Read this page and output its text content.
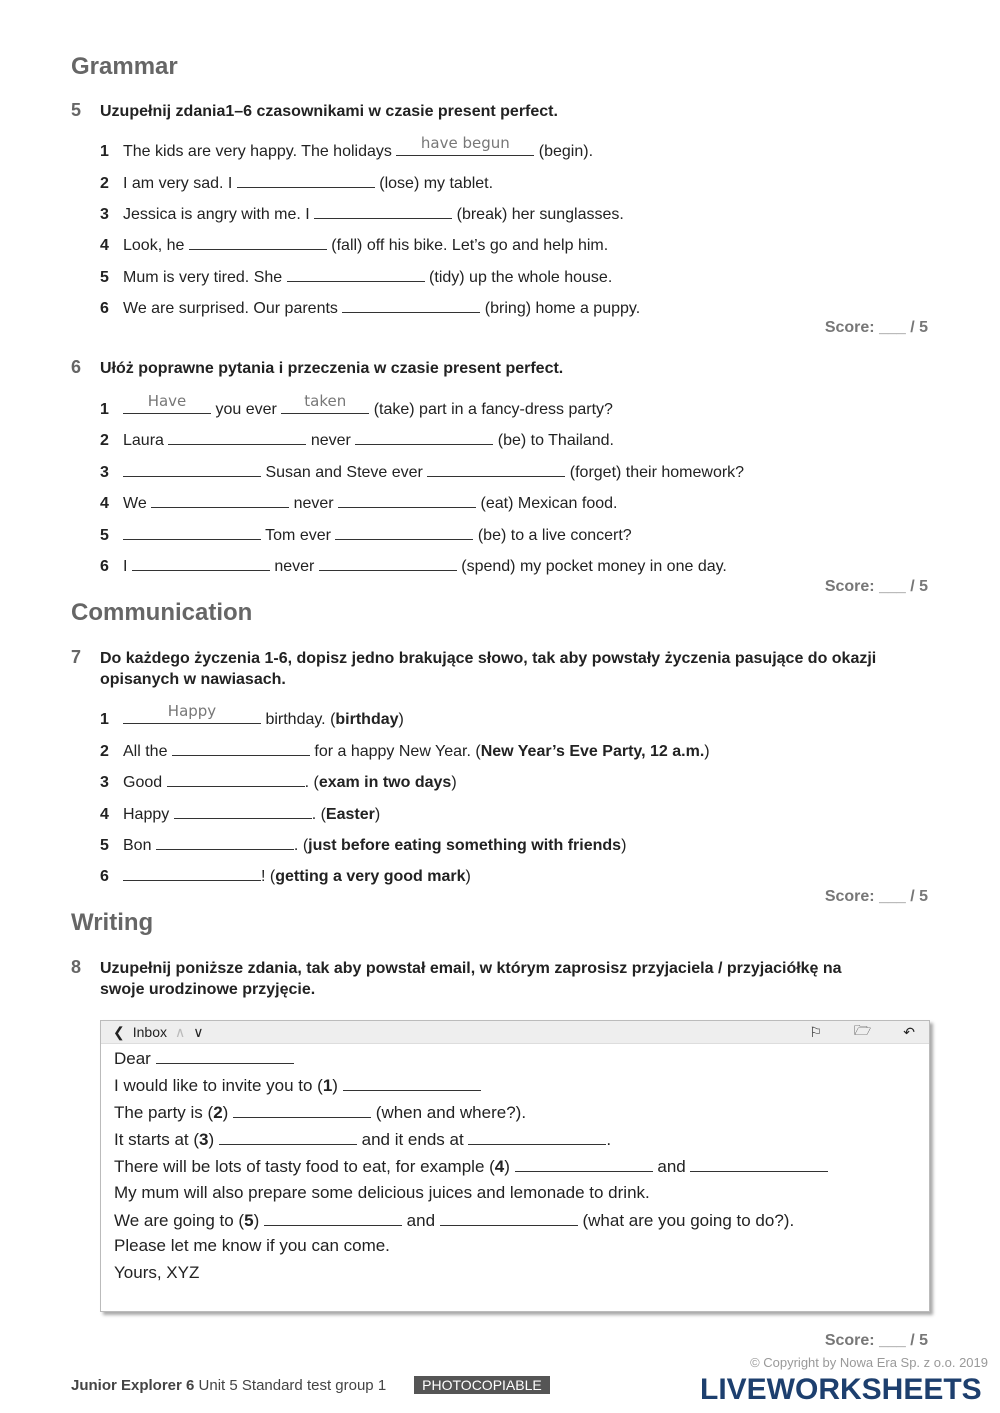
Grammar
5 Uzupełnij zdania1–6 czasownikami w czasie present perfect.
1 The kids are very happy. The holidays	have begun	(begin).
2 I am very sad. I	(lose) my tablet.
3 Jessica is angry with me. I	(break) her sunglasses.
4 Look, he	(fall) off his bike. Let’s go and help him.
5 Mum is very tired. She	(tidy) up the whole house.
6 We are surprised. Our parents	(bring) home a puppy.
Score: ___ / 5
6 Ułóż poprawne pytania i przeczenia w czasie present perfect.
1	Have	you ever	taken	(take) part in a fancy-dress party?
2 Laura	never	(be) to Thailand.
3	Susan and Steve ever	(forget) their homework?
4 We	never	(eat) Mexican food.
5	Tom ever	(be) to a live concert?
6 I	never	(spend) my pocket money in one day.
Score: ___ / 5
Communication
7 Do każdego życzenia 1-6, dopisz jedno brakujące słowo, tak aby powstały życzenia pasujące do okazji opisanych w nawiasach.
1	Happy	birthday. (birthday)
2 All the	for a happy New Year. (New Year’s Eve Party, 12 a.m.)
3 Good	. (exam in two days)
4 Happy	. (Easter)
5 Bon	. (just before eating something with friends)
6	! (getting a very good mark)
Score: ___ / 5
Writing
8 Uzupełnij poniższe zdania, tak aby powstał email, w którym zaprosisz przyjaciela / przyjaciółkę na swoje urodzinowe przyjęcie.
❮ Inbox ∧ ∨	⚐ 🗁 ↶
Dear
I would like to invite you to (1)
The party is (2)	(when and where?).
It starts at (3)	and it ends at	.
There will be lots of tasty food to eat, for example (4)	and
My mum will also prepare some delicious juices and lemonade to drink.
We are going to (5)	and	(what are you going to do?).
Please let me know if you can come.
Yours, XYZ
Score: ___ / 5
Junior Explorer 6 Unit 5 Standard test group 1	PHOTOCOPIABLE
© Copyright by Nowa Era Sp. z o.o. 2019
LIVEWORKSHEETS
